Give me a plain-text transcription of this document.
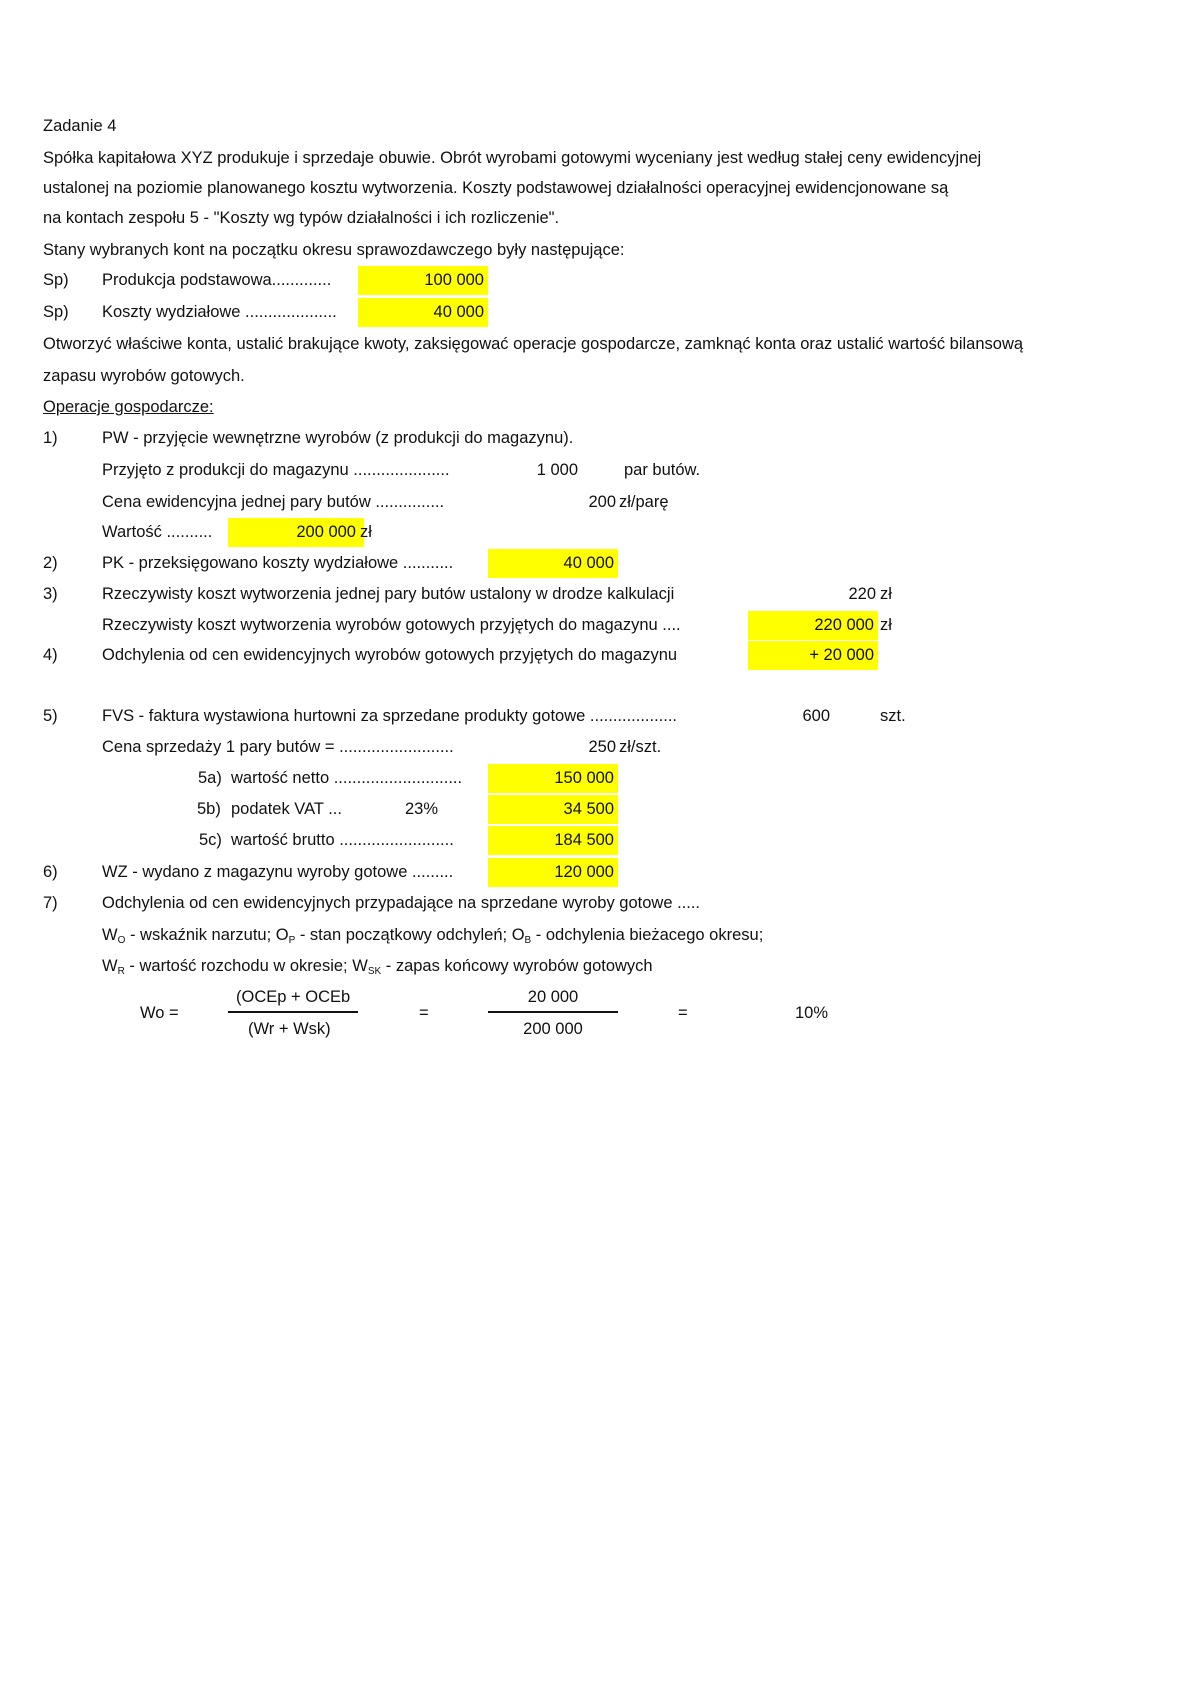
Zadanie 4
Spółka kapitałowa XYZ produkuje i sprzedaje obuwie. Obrót wyrobami gotowymi wyceniany jest według stałej ceny ewidencyjnej
ustalonej na poziomie planowanego kosztu wytworzenia. Koszty podstawowej działalności operacyjnej ewidencjonowane są
na kontach zespołu 5 - "Koszty wg typów działalności i ich rozliczenie".
Stany wybranych kont na początku okresu sprawozdawczego były następujące:
Sp) Produkcja podstawowa.............	100 000
Sp) Koszty wydziałowe ....................	40 000
Otworzyć właściwe konta, ustalić brakujące kwoty, zaksięgować operacje gospodarcze, zamknąć konta oraz ustalić wartość bilansową
zapasu wyrobów gotowych.
Operacje gospodarcze:
1)	PW - przyjęcie wewnętrzne wyrobów (z produkcji do magazynu).
Przyjęto z produkcji do magazynu .....................	1 000	par butów.
Cena ewidencyjna jednej pary butów ...............	200 zł/parę
Wartość ..........	200 000 zł
2)	PK - przeksięgowano koszty wydziałowe ...........	40 000
3)	Rzeczywisty koszt wytworzenia jednej pary butów ustalony w drodze kalkulacji	220 zł
Rzeczywisty koszt wytworzenia wyrobów gotowych przyjętych do magazynu ....	220 000 zł
4)	Odchylenia od cen ewidencyjnych wyrobów gotowych przyjętych do magazynu	+ 20 000
5)	FVS - faktura wystawiona hurtowni za sprzedane produkty gotowe ...................	600	szt.
Cena sprzedaży 1 pary butów = .........................	250 zł/szt.
5a) wartość netto ............................	150 000
5b) podatek VAT ...	23%	34 500
5c) wartość brutto .........................	184 500
6)	WZ - wydano z magazynu wyroby gotowe .........	120 000
7)	Odchylenia od cen ewidencyjnych przypadające na sprzedane wyroby gotowe .....
$W_O$ - wskaźnik narzutu; $O_P$ - stan początkowy odchyleń; $O_B$ - odchylenia bieżacego okresu;
$W_R$ - wartość rozchodu w okresie; $W_{SK}$ - zapas końcowy wyrobów gotowych
Wo =
(OCEp + OCEb
(Wr + Wsk)
=
20 000
200 000
=	10%
